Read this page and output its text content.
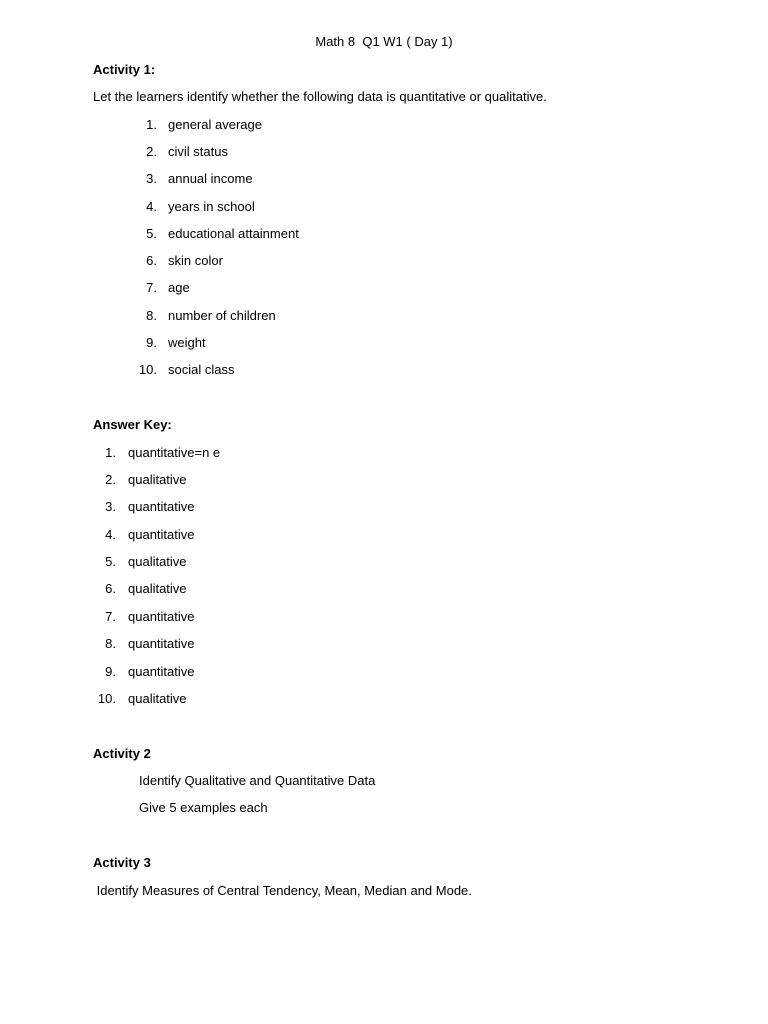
Math 8  Q1 W1 ( Day 1)
Activity 1:
Let the learners identify whether the following data is quantitative or qualitative.
1. general average
2. civil status
3. annual income
4. years in school
5. educational attainment
6. skin color
7. age
8. number of children
9. weight
10. social class
Answer Key:
1. quantitative=n e
2. qualitative
3. quantitative
4. quantitative
5. qualitative
6. qualitative
7. quantitative
8. quantitative
9. quantitative
10. qualitative
Activity 2
Identify Qualitative and Quantitative Data
Give 5 examples each
Activity 3
Identify Measures of Central Tendency, Mean, Median and Mode.
